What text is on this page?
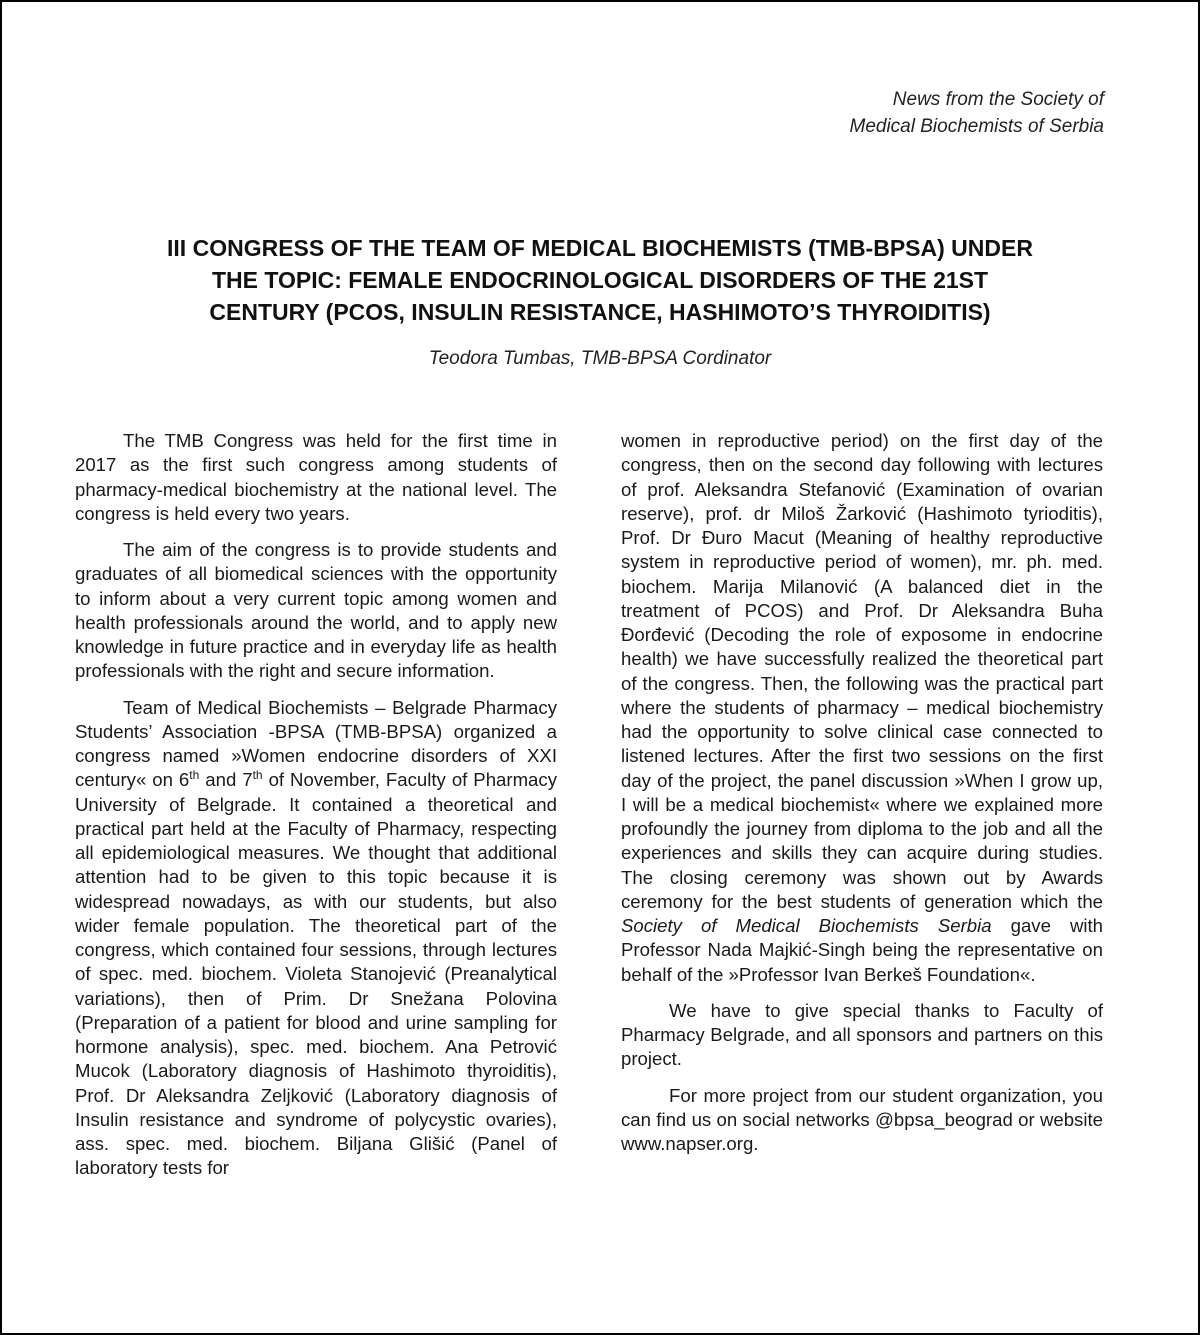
News from the Society of
Medical Biochemists of Serbia
III CONGRESS OF THE TEAM OF MEDICAL BIOCHEMISTS (TMB-BPSA) UNDER
THE TOPIC: FEMALE ENDOCRINOLOGICAL DISORDERS OF THE 21ST
CENTURY (PCOS, INSULIN RESISTANCE, HASHIMOTO’S THYROIDITIS)
Teodora Tumbas, TMB-BPSA Cordinator

The TMB Congress was held for the first time in 2017 as the first such congress among students of pharmacy-medical biochemistry at the national level. The congress is held every two years.

The aim of the congress is to provide students and graduates of all biomedical sciences with the opportunity to inform about a very current topic among women and health professionals around the world, and to apply new knowledge in future practice and in everyday life as health professionals with the right and secure information.

Team of Medical Biochemists – Belgrade Pharmacy Students’ Association -BPSA (TMB-BPSA) organized a congress named »Women endocrine disorders of XXI century« on 6th and 7th of November, Faculty of Pharmacy University of Belgrade. It contained a theoretical and practical part held at the Faculty of Pharmacy, respecting all epidemiological measures. We thought that additional attention had to be given to this topic because it is widespread nowadays, as with our students, but also wider female population. The theoretical part of the congress, which contained four sessions, through lectures of spec. med. biochem. Violeta Stanojević (Preanalytical variations), then of Prim. Dr Snežana Polovina (Preparation of a patient for blood and urine sampling for hormone analysis), spec. med. biochem. Ana Petrović Mucok (Laboratory diagnosis of Hashimoto thyroiditis), Prof. Dr Aleksandra Zeljković (Laboratory diagnosis of Insulin resistance and syndrome of polycystic ovaries), ass. spec. med. biochem. Biljana Glišić (Panel of laboratory tests for

women in reproductive period) on the first day of the congress, then on the second day following with lectures of prof. Aleksandra Stefanović (Examination of ovarian reserve), prof. dr Miloš Žarković (Hashimoto tyrioditis), Prof. Dr Đuro Macut (Meaning of healthy reproductive system in reproductive period of women), mr. ph. med. biochem. Marija Milanović (A balanced diet in the treatment of PCOS) and Prof. Dr Aleksandra Buha Đorđević (Decoding the role of exposome in endocrine health) we have successfully realized the theoretical part of the congress. Then, the following was the practical part where the students of pharmacy – medical biochemistry had the opportunity to solve clinical case connected to listened lectures. After the first two sessions on the first day of the project, the panel discussion »When I grow up, I will be a medical biochemist« where we explained more profoundly the journey from diploma to the job and all the experiences and skills they can acquire during studies. The closing ceremony was shown out by Awards ceremony for the best students of generation which the Society of Medical Biochemists Serbia gave with Professor Nada Majkić-Singh being the representative on behalf of the »Professor Ivan Berkeš Foundation«.

We have to give special thanks to Faculty of Pharmacy Belgrade, and all sponsors and partners on this project.

For more project from our student organization, you can find us on social networks @bpsa_beograd or website www.napser.org.
